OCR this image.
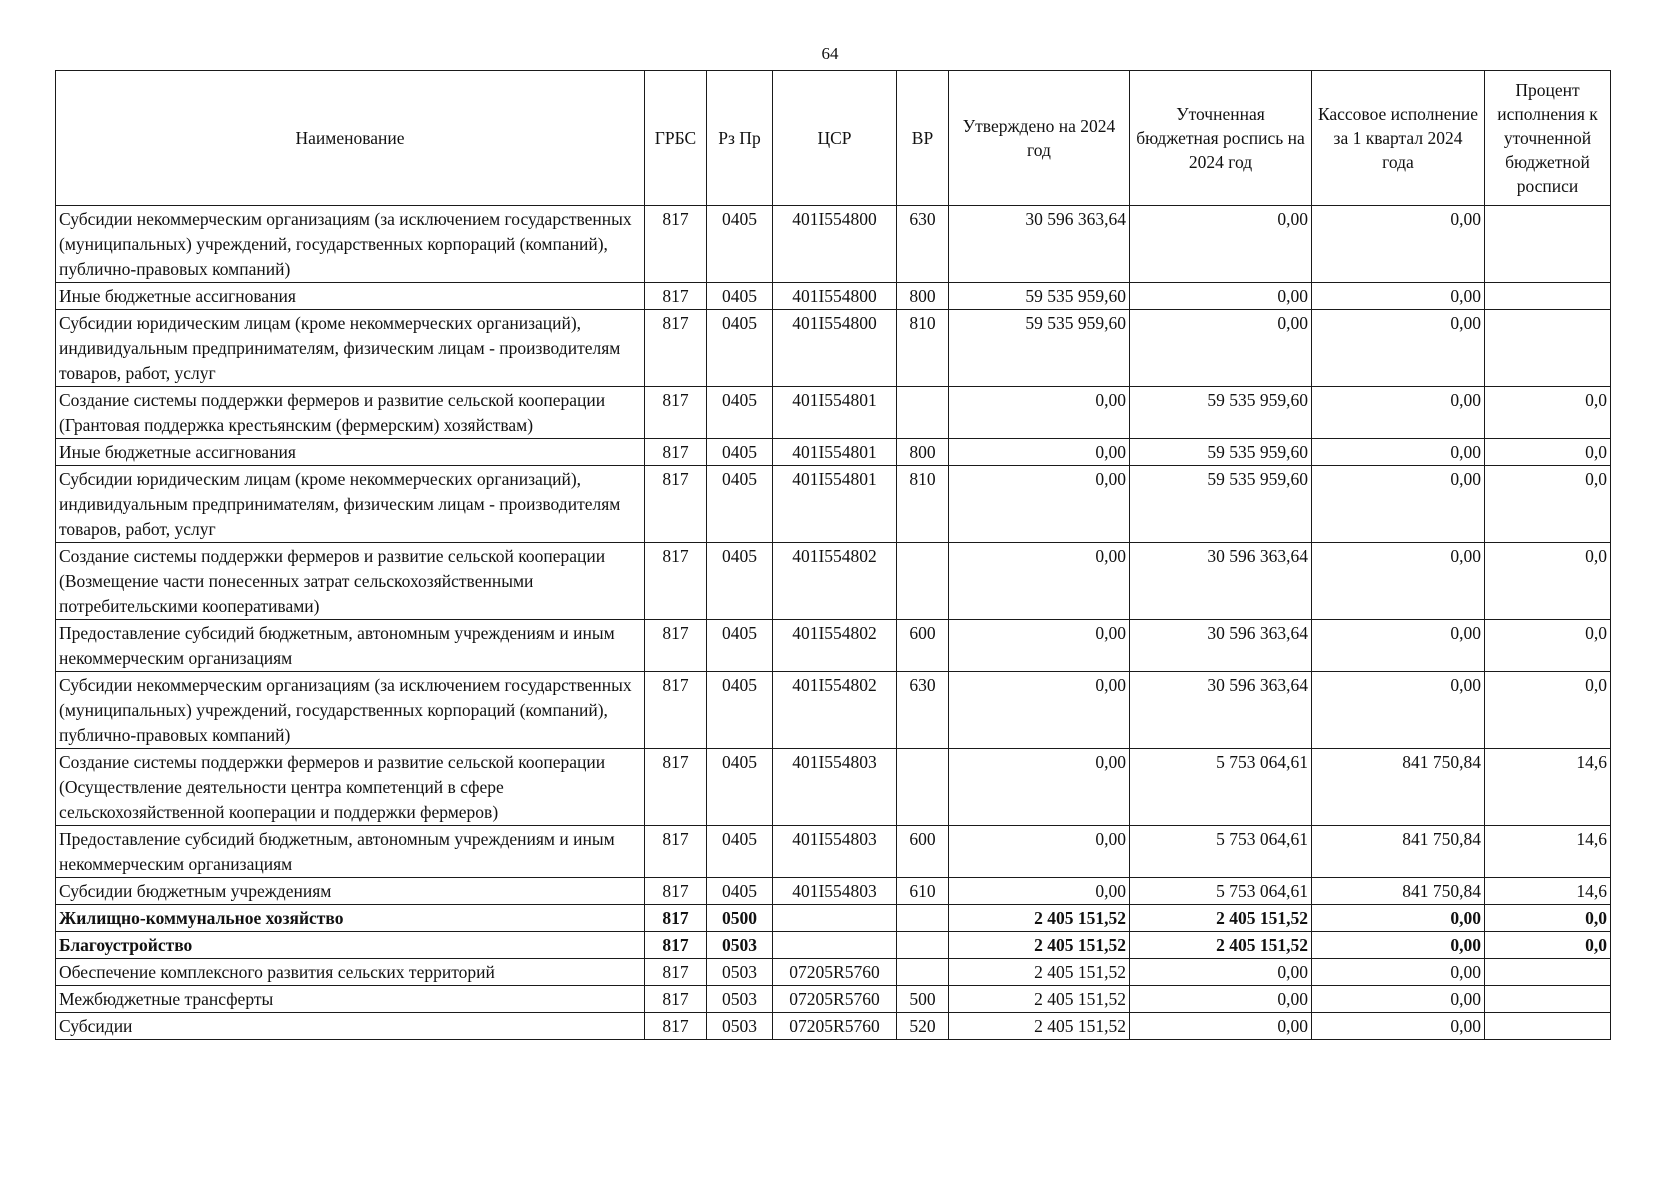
64
Наименование	ГРБС	Рз Пр	ЦСР	ВР	Утверждено на 2024 год	Уточненная бюджетная роспись на 2024 год	Кассовое исполнение за 1 квартал 2024 года	Процент исполнения к уточненной бюджетной росписи
Субсидии некоммерческим организациям (за исключением государственных (муниципальных) учреждений, государственных корпораций (компаний), публично-правовых компаний)	817	0405	401I554800	630	30 596 363,64	0,00	0,00	
Иные бюджетные ассигнования	817	0405	401I554800	800	59 535 959,60	0,00	0,00	
Субсидии юридическим лицам (кроме некоммерческих организаций), индивидуальным предпринимателям, физическим лицам - производителям товаров, работ, услуг	817	0405	401I554800	810	59 535 959,60	0,00	0,00	
Создание системы поддержки фермеров и развитие сельской кооперации (Грантовая поддержка крестьянским (фермерским) хозяйствам)	817	0405	401I554801		0,00	59 535 959,60	0,00	0,0
Иные бюджетные ассигнования	817	0405	401I554801	800	0,00	59 535 959,60	0,00	0,0
Субсидии юридическим лицам (кроме некоммерческих организаций), индивидуальным предпринимателям, физическим лицам - производителям товаров, работ, услуг	817	0405	401I554801	810	0,00	59 535 959,60	0,00	0,0
Создание системы поддержки фермеров и развитие сельской кооперации (Возмещение части понесенных затрат сельскохозяйственными потребительскими кооперативами)	817	0405	401I554802		0,00	30 596 363,64	0,00	0,0
Предоставление субсидий бюджетным, автономным учреждениям и иным некоммерческим организациям	817	0405	401I554802	600	0,00	30 596 363,64	0,00	0,0
Субсидии некоммерческим организациям (за исключением государственных (муниципальных) учреждений, государственных корпораций (компаний), публично-правовых компаний)	817	0405	401I554802	630	0,00	30 596 363,64	0,00	0,0
Создание системы поддержки фермеров и развитие сельской кооперации (Осуществление деятельности центра компетенций в сфере сельскохозяйственной кооперации и поддержки фермеров)	817	0405	401I554803		0,00	5 753 064,61	841 750,84	14,6
Предоставление субсидий бюджетным, автономным учреждениям и иным некоммерческим организациям	817	0405	401I554803	600	0,00	5 753 064,61	841 750,84	14,6
Субсидии бюджетным учреждениям	817	0405	401I554803	610	0,00	5 753 064,61	841 750,84	14,6
Жилищно-коммунальное хозяйство	817	0500			2 405 151,52	2 405 151,52	0,00	0,0
Благоустройство	817	0503			2 405 151,52	2 405 151,52	0,00	0,0
Обеспечение комплексного развития сельских территорий	817	0503	07205R5760		2 405 151,52	0,00	0,00	
Межбюджетные трансферты	817	0503	07205R5760	500	2 405 151,52	0,00	0,00	
Субсидии	817	0503	07205R5760	520	2 405 151,52	0,00	0,00	
